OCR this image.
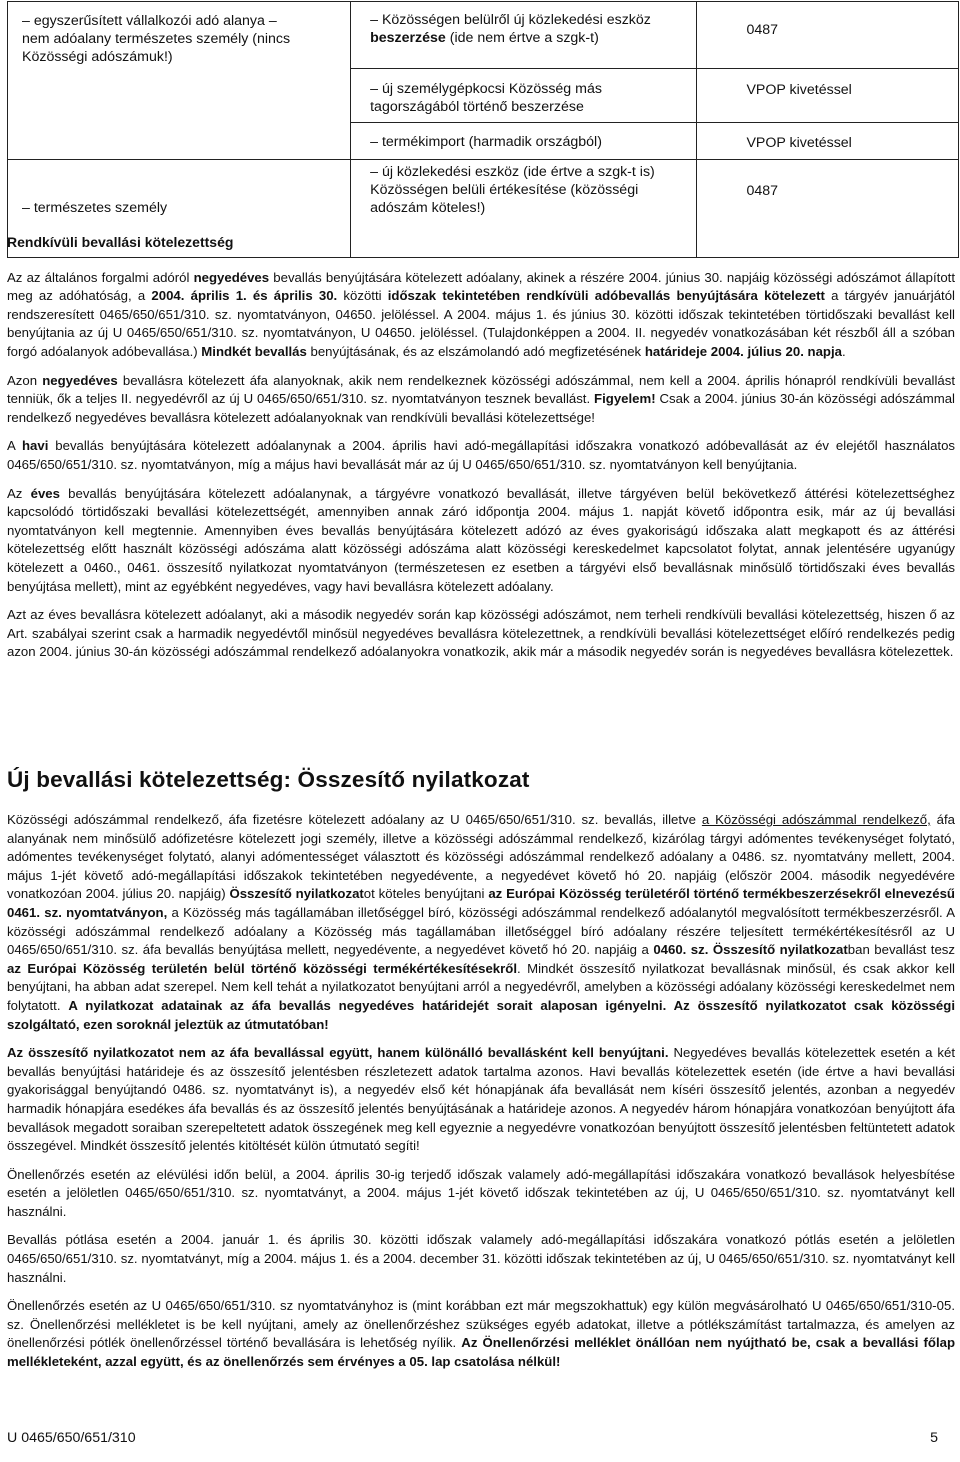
– egyszerűsített vállalkozói adó alanya – nem adóalany természetes személy (nincs Közösségi adószámuk!)	– Közösségen belülről új közlekedési eszköz beszerzése (ide nem értve a szgk-t)	0487
	– új személygépkocsi Közösség más tagországából történő beszerzése	VPOP kivetéssel
	– termékimport (harmadik országból)	VPOP kivetéssel
– természetes személy	– új közlekedési eszköz (ide értve a szgk-t is) Közösségen belüli értékesítése (közösségi adószám köteles!)	0487
Rendkívüli bevallási kötelezettség

Az az általános forgalmi adóról negyedéves bevallás benyújtására kötelezett adóalany, akinek a részére 2004. június 30. napjáig közösségi adószámot állapított meg az adóhatóság, a 2004. április 1. és április 30. közötti időszak tekintetében rendkívüli adóbevallás benyújtására kötelezett a tárgyév januárjától rendszeresített 0465/650/651/310. sz. nyomtatványon, 04650. jelöléssel. A 2004. május 1. és június 30. közötti időszak tekintetében törtidőszaki bevallást kell benyújtania az új U 0465/650/651/310. sz. nyomtatványon, U 04650. jelöléssel. (Tulajdonképpen a 2004. II. negyedév vonatkozásában két részből áll a szóban forgó adóalanyok adóbevallása.) Mindkét bevallás benyújtásának, és az elszámolandó adó megfizetésének határideje 2004. július 20. napja.

Azon negyedéves bevallásra kötelezett áfa alanyoknak, akik nem rendelkeznek közösségi adószámmal, nem kell a 2004. április hónapról rendkívüli bevallást tenniük, ők a teljes II. negyedévről az új U 0465/650/651/310. sz. nyomtatványon tesznek bevallást. Figyelem! Csak a 2004. június 30-án közösségi adószámmal rendelkező negyedéves bevallásra kötelezett adóalanyoknak van rendkívüli bevallási kötelezettsége!

A havi bevallás benyújtására kötelezett adóalanynak a 2004. április havi adó-megállapítási időszakra vonatkozó adóbevallását az év elejétől használatos 0465/650/651/310. sz. nyomtatványon, míg a május havi bevallását már az új U 0465/650/651/310. sz. nyomtatványon kell benyújtania.

Az éves bevallás benyújtására kötelezett adóalanynak, a tárgyévre vonatkozó bevallását, illetve tárgyéven belül bekövetkező áttérési kötelezettséghez kapcsolódó törtidőszaki bevallási kötelezettségét, amennyiben annak záró időpontja 2004. május 1. napját követő időpontra esik, már az új bevallási nyomtatványon kell megtennie. Amennyiben éves bevallás benyújtására kötelezett adózó az éves gyakoriságú időszaka alatt megkapott és az áttérési kötelezettség előtt használt közösségi adószáma alatt közösségi adószáma alatt közösségi kereskedelmet kapcsolatot folytat, annak jelentésére ugyanúgy kötelezett a 0460., 0461. összesítő nyilatkozat nyomtatványon (természetesen ez esetben a tárgyévi első bevallásnak minősülő törtidőszaki éves bevallás benyújtása mellett), mint az egyébként negyedéves, vagy havi bevallásra kötelezett adóalany.

Azt az éves bevallásra kötelezett adóalanyt, aki a második negyedév során kap közösségi adószámot, nem terheli rendkívüli bevallási kötelezettség, hiszen ő az Art. szabályai szerint csak a harmadik negyedévtől minősül negyedéves bevallásra kötelezettnek, a rendkívüli bevallási kötelezettséget előíró rendelkezés pedig azon 2004. június 30-án közösségi adószámmal rendelkező adóalanyokra vonatkozik, akik már a második negyedév során is negyedéves bevallásra kötelezettek.

Új bevallási kötelezettség: Összesítő nyilatkozat

Közösségi adószámmal rendelkező, áfa fizetésre kötelezett adóalany az U 0465/650/651/310. sz. bevallás, illetve a Közösségi adószámmal rendelkező, áfa alanyának nem minősülő adófizetésre kötelezett jogi személy, illetve a közösségi adószámmal rendelkező, kizárólag tárgyi adómentes tevékenységet folytató, adómentes tevékenységet folytató, alanyi adómentességet választott és közösségi adószámmal rendelkező adóalany a 0486. sz. nyomtatvány mellett, 2004. május 1-jét követő adó-megállapítási időszakok tekintetében negyedévente, a negyedévet követő hó 20. napjáig (először 2004. második negyedévére vonatkozóan 2004. július 20. napjáig) Összesítő nyilatkozatot köteles benyújtani az Európai Közösség területéről történő termékbeszerzésekről elnevezésű 0461. sz. nyomtatványon, a Közösség más tagállamában illetőséggel bíró, közösségi adószámmal rendelkező adóalanytól megvalósított termékbeszerzésről. A közösségi adószámmal rendelkező adóalany a Közösség más tagállamában illetőséggel bíró adóalany részére teljesített termékértékesítésről az U 0465/650/651/310. sz. áfa bevallás benyújtása mellett, negyedévente, a negyedévet követő hó 20. napjáig a 0460. sz. Összesítő nyilatkozatban bevallást tesz az Európai Közösség területén belül történő közösségi termékértékesítésekről. Mindkét összesítő nyilatkozat bevallásnak minősül, és csak akkor kell benyújtani, ha abban adat szerepel. Nem kell tehát a nyilatkozatot benyújtani arról a negyedévről, amelyben a közösségi adóalany közösségi kereskedelmet nem folytatott. A nyilatkozat adatainak az áfa bevallás negyedéves határidejét sorait alaposan igényelni. Az összesítő nyilatkozatot csak közösségi szolgáltató, ezen soroknál jeleztük az útmutatóban!

Az összesítő nyilatkozatot nem az áfa bevallással együtt, hanem különálló bevallásként kell benyújtani. Negyedéves bevallás kötelezettek esetén a két bevallás benyújtási határideje és az összesítő jelentésben részletezett adatok tartalma azonos. Havi bevallás kötelezettek esetén (ide értve a havi bevallási gyakorisággal benyújtandó 0486. sz. nyomtatványt is), a negyedév első két hónapjának áfa bevallását nem kíséri összesítő jelentés, azonban a negyedév harmadik hónapjára esedékes áfa bevallás és az összesítő jelentés benyújtásának a határideje azonos. A negyedév három hónapjára vonatkozóan benyújtott áfa bevallások megadott soraiban szerepeltetett adatok összegének meg kell egyeznie a negyedévre vonatkozóan benyújtott összesítő jelentésben feltüntetett adatok összegével. Mindkét összesítő jelentés kitöltését külön útmutató segíti!

Önellenőrzés esetén az elévülési időn belül, a 2004. április 30-ig terjedő időszak valamely adó-megállapítási időszakára vonatkozó bevallások helyesbítése esetén a jelöletlen 0465/650/651/310. sz. nyomtatványt, a 2004. május 1-jét követő időszak tekintetében az új, U 0465/650/651/310. sz. nyomtatványt kell használni.

Bevallás pótlása esetén a 2004. január 1. és április 30. közötti időszak valamely adó-megállapítási időszakára vonatkozó pótlás esetén a jelöletlen 0465/650/651/310. sz. nyomtatványt, míg a 2004. május 1. és a 2004. december 31. közötti időszak tekintetében az új, U 0465/650/651/310. sz. nyomtatványt kell használni.

Önellenőrzés esetén az U 0465/650/651/310. sz nyomtatványhoz is (mint korábban ezt már megszokhattuk) egy külön megvásárolható U 0465/650/651/310-05. sz. Önellenőrzési mellékletet is be kell nyújtani, amely az önellenőrzéshez szükséges egyéb adatokat, illetve a pótlékszámítást tartalmazza, és amelyen az önellenőrzési pótlék önellenőrzéssel történő bevallására is lehetőség nyílik. Az Önellenőrzési melléklet önállóan nem nyújtható be, csak a bevallási főlap mellékleteként, azzal együtt, és az önellenőrzés sem érvényes a 05. lap csatolása nélkül!

U 0465/650/651/310	5
